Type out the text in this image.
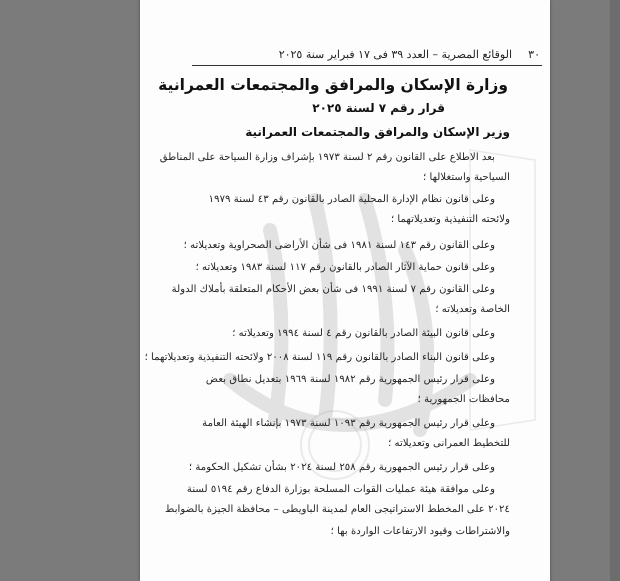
٣٠
الوقائع المصرية – العدد ٣٩ فى ١٧ فبراير سنة ٢٠٢٥
وزارة الإسكان والمرافق والمجتمعات العمرانية
قرار رقم ٧ لسنة ٢٠٢٥
وزير الإسكان والمرافق والمجتمعات العمرانية
بعد الاطلاع على القانون رقم ٢ لسنة ١٩٧٣ بإشراف وزارة السياحة على المناطق
السياحية واستغلالها ؛
وعلى قانون نظام الإدارة المحلية الصادر بالقانون رقم ٤٣ لسنة ١٩٧٩
ولائحته التنفيذية وتعديلاتهما ؛
وعلى القانون رقم ١٤٣ لسنة ١٩٨١ فى شأن الأراضى الصحراوية وتعديلاته ؛
وعلى قانون حماية الآثار الصادر بالقانون رقم ١١٧ لسنة ١٩٨٣ وتعديلاته ؛
وعلى القانون رقم ٧ لسنة ١٩٩١ فى شأن بعض الأحكام المتعلقة بأملاك الدولة
الخاصة وتعديلاته ؛
وعلى قانون البيئة الصادر بالقانون رقم ٤ لسنة ١٩٩٤ وتعديلاته ؛
وعلى قانون البناء الصادر بالقانون رقم ١١٩ لسنة ٢٠٠٨ ولائحته التنفيذية وتعديلاتهما ؛
وعلى قرار رئيس الجمهورية رقم ١٩٨٢ لسنة ١٩٦٩ بتعديل نطاق بعض
محافظات الجمهورية ؛
وعلى قرار رئيس الجمهورية رقم ١٠٩٣ لسنة ١٩٧٣ بإنشاء الهيئة العامة
للتخطيط العمرانى وتعديلاته ؛
وعلى قرار رئيس الجمهورية رقم ٢٥٨ لسنة ٢٠٢٤ بشأن تشكيل الحكومة ؛
وعلى موافقة هيئة عمليات القوات المسلحة بوزارة الدفاع رقم ٥١٩٤ لسنة
٢٠٢٤ على المخطط الاستراتيجى العام لمدينة الباويطى – محافظة الجيزة بالضوابط
والاشتراطات وقيود الارتفاعات الواردة بها ؛
